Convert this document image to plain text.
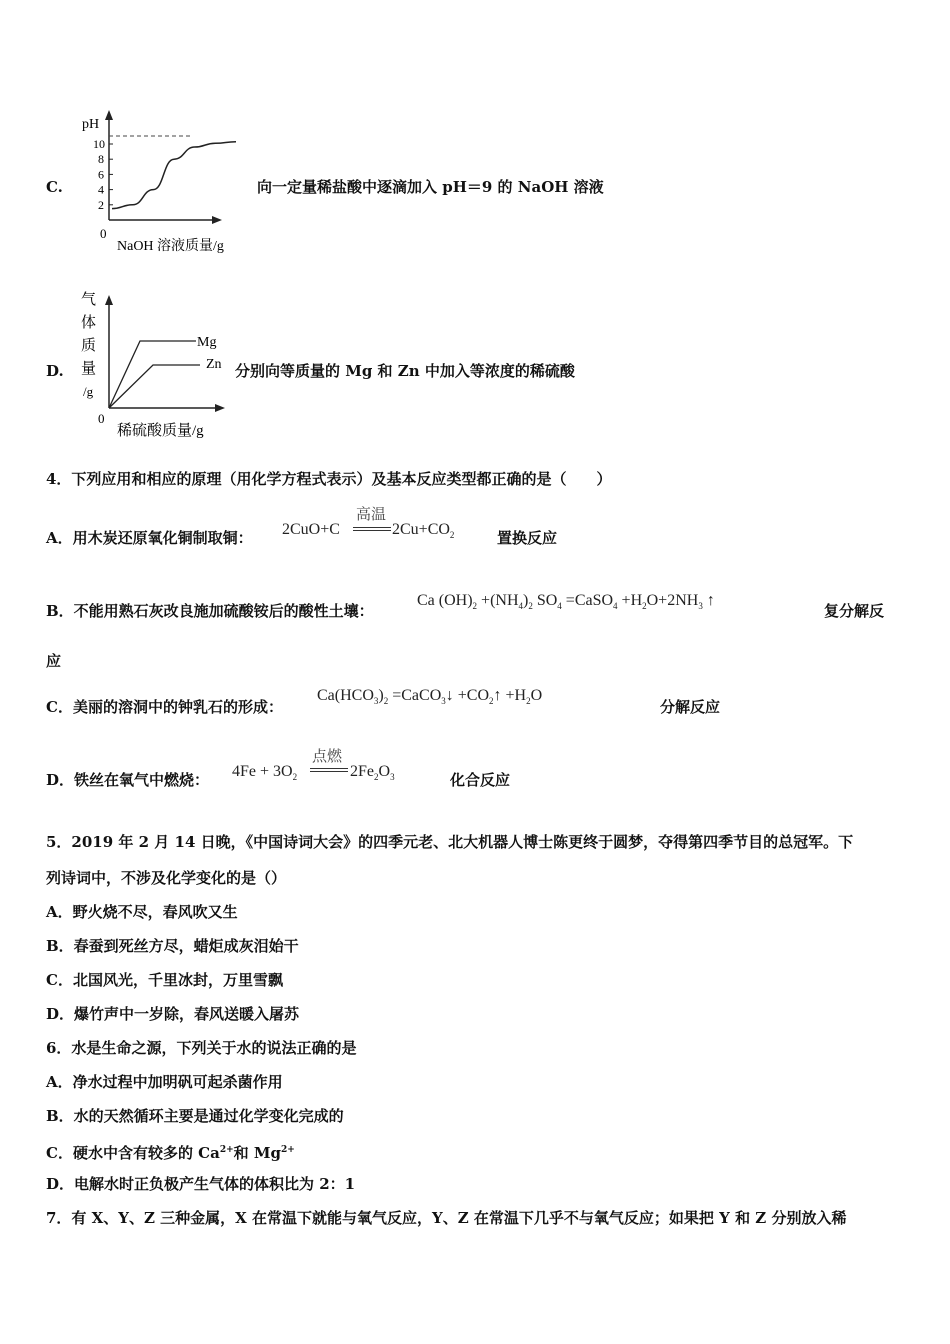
C.
pH
10
8
6
4
2
0
NaOH 溶液质量/g
向一定量稀盐酸中逐滴加入 pH＝9 的 NaOH 溶液
D.
气
体
质
量
/g
Mg
Zn
0
稀硫酸质量/g
分别向等质量的 Mg 和 Zn 中加入等浓度的稀硫酸
4．下列应用和相应的原理（用化学方程式表示）及基本反应类型都正确的是（　　）
A．用木炭还原氧化铜制取铜： 2CuO+C
高温
$2Cu+CO_2$	置换反应
Ca $(OH)_2 +(NH_4)_2$ $SO_4$ =CaSO$_4$ $+H_2O+2NH_3$ ↑
B．不能用熟石灰改良施加硫酸铵后的酸性土壤：	复分解反
应
$Ca(HCO_3)_2$ =CaCO$_3$↓ $+CO_2↑ +H_2O$
C．美丽的溶洞中的钟乳石的形成：	分解反应
D．铁丝在氧气中燃烧： $4Fe + 3O_2$
点燃
$2Fe_2O_3$	化合反应
5．2019 年 2 月 14 日晚，《中国诗词大会》的四季元老、北大机器人博士陈更终于圆梦，夺得第四季节目的总冠军。下
列诗词中，不涉及化学变化的是（）
A．野火烧不尽，春风吹又生
B．春蚕到死丝方尽，蜡炬成灰泪始干
C．北国风光，千里冰封，万里雪飘
D．爆竹声中一岁除，春风送暖入屠苏
6．水是生命之源，下列关于水的说法正确的是
A．净水过程中加明矾可起杀菌作用
B．水的天然循环主要是通过化学变化完成的
C．硬水中含有较多的 $Ca^{2+}$和 $Mg^{2+}$
D．电解水时正负极产生气体的体积比为 2：1
7．有 X、Y、Z 三种金属，X 在常温下就能与氧气反应，Y、Z 在常温下几乎不与氧气反应；如果把 Y 和 Z 分别放入稀
